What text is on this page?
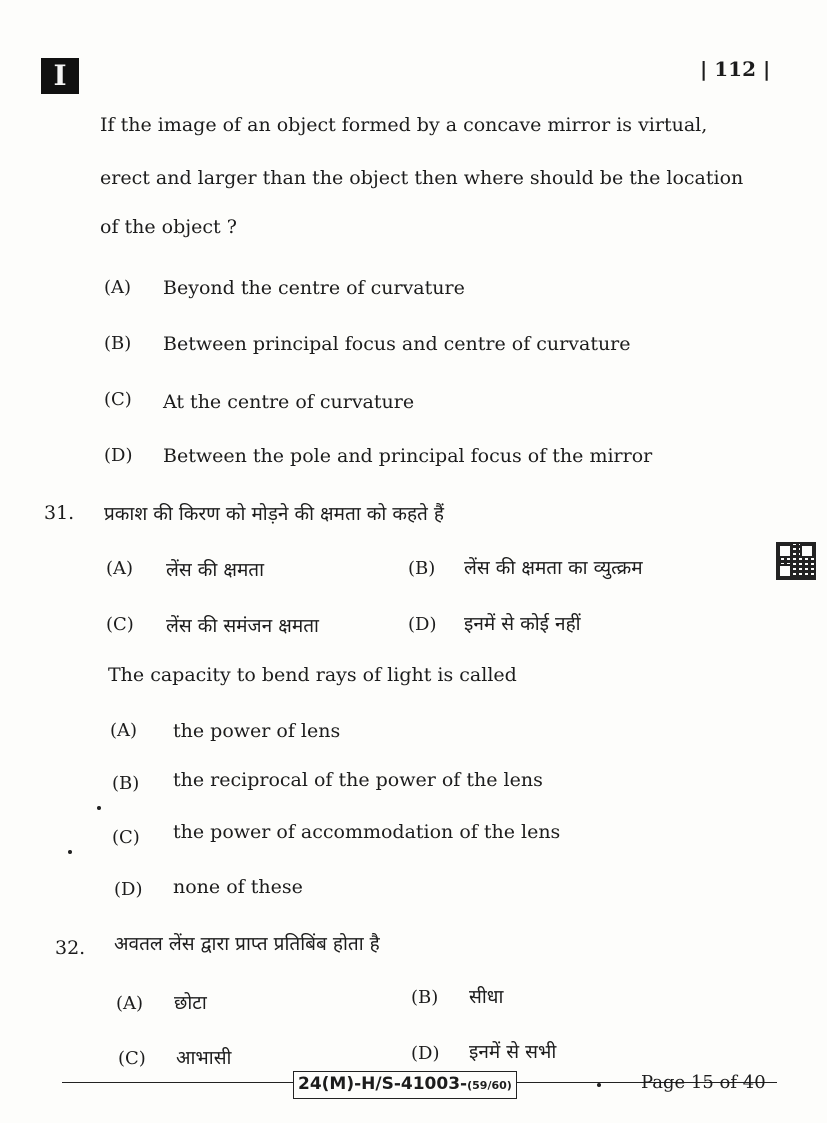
I	| 112 |
If the image of an object formed by a concave mirror is virtual,
erect and larger than the object then where should be the location
of the object ?
(A) Beyond the centre of curvature
(B) Between principal focus and centre of curvature
(C) At the centre of curvature
(D) Between the pole and principal focus of the mirror
31. प्रकाश की किरण को मोड़ने की क्षमता को कहते हैं
(A) लेंस की क्षमता	(B) लेंस की क्षमता का व्युत्क्रम
(C) लेंस की समंजन क्षमता	(D) इनमें से कोई नहीं
The capacity to bend rays of light is called
(A) the power of lens
(B) the reciprocal of the power of the lens
(C) the power of accommodation of the lens
(D) none of these
32. अवतल लेंस द्वारा प्राप्त प्रतिबिंब होता है
(A) छोटा	(B) सीधा
(C) आभासी	(D) इनमें से सभी
24(M)-H/S-41003-(59/60)	Page 15 of 40
